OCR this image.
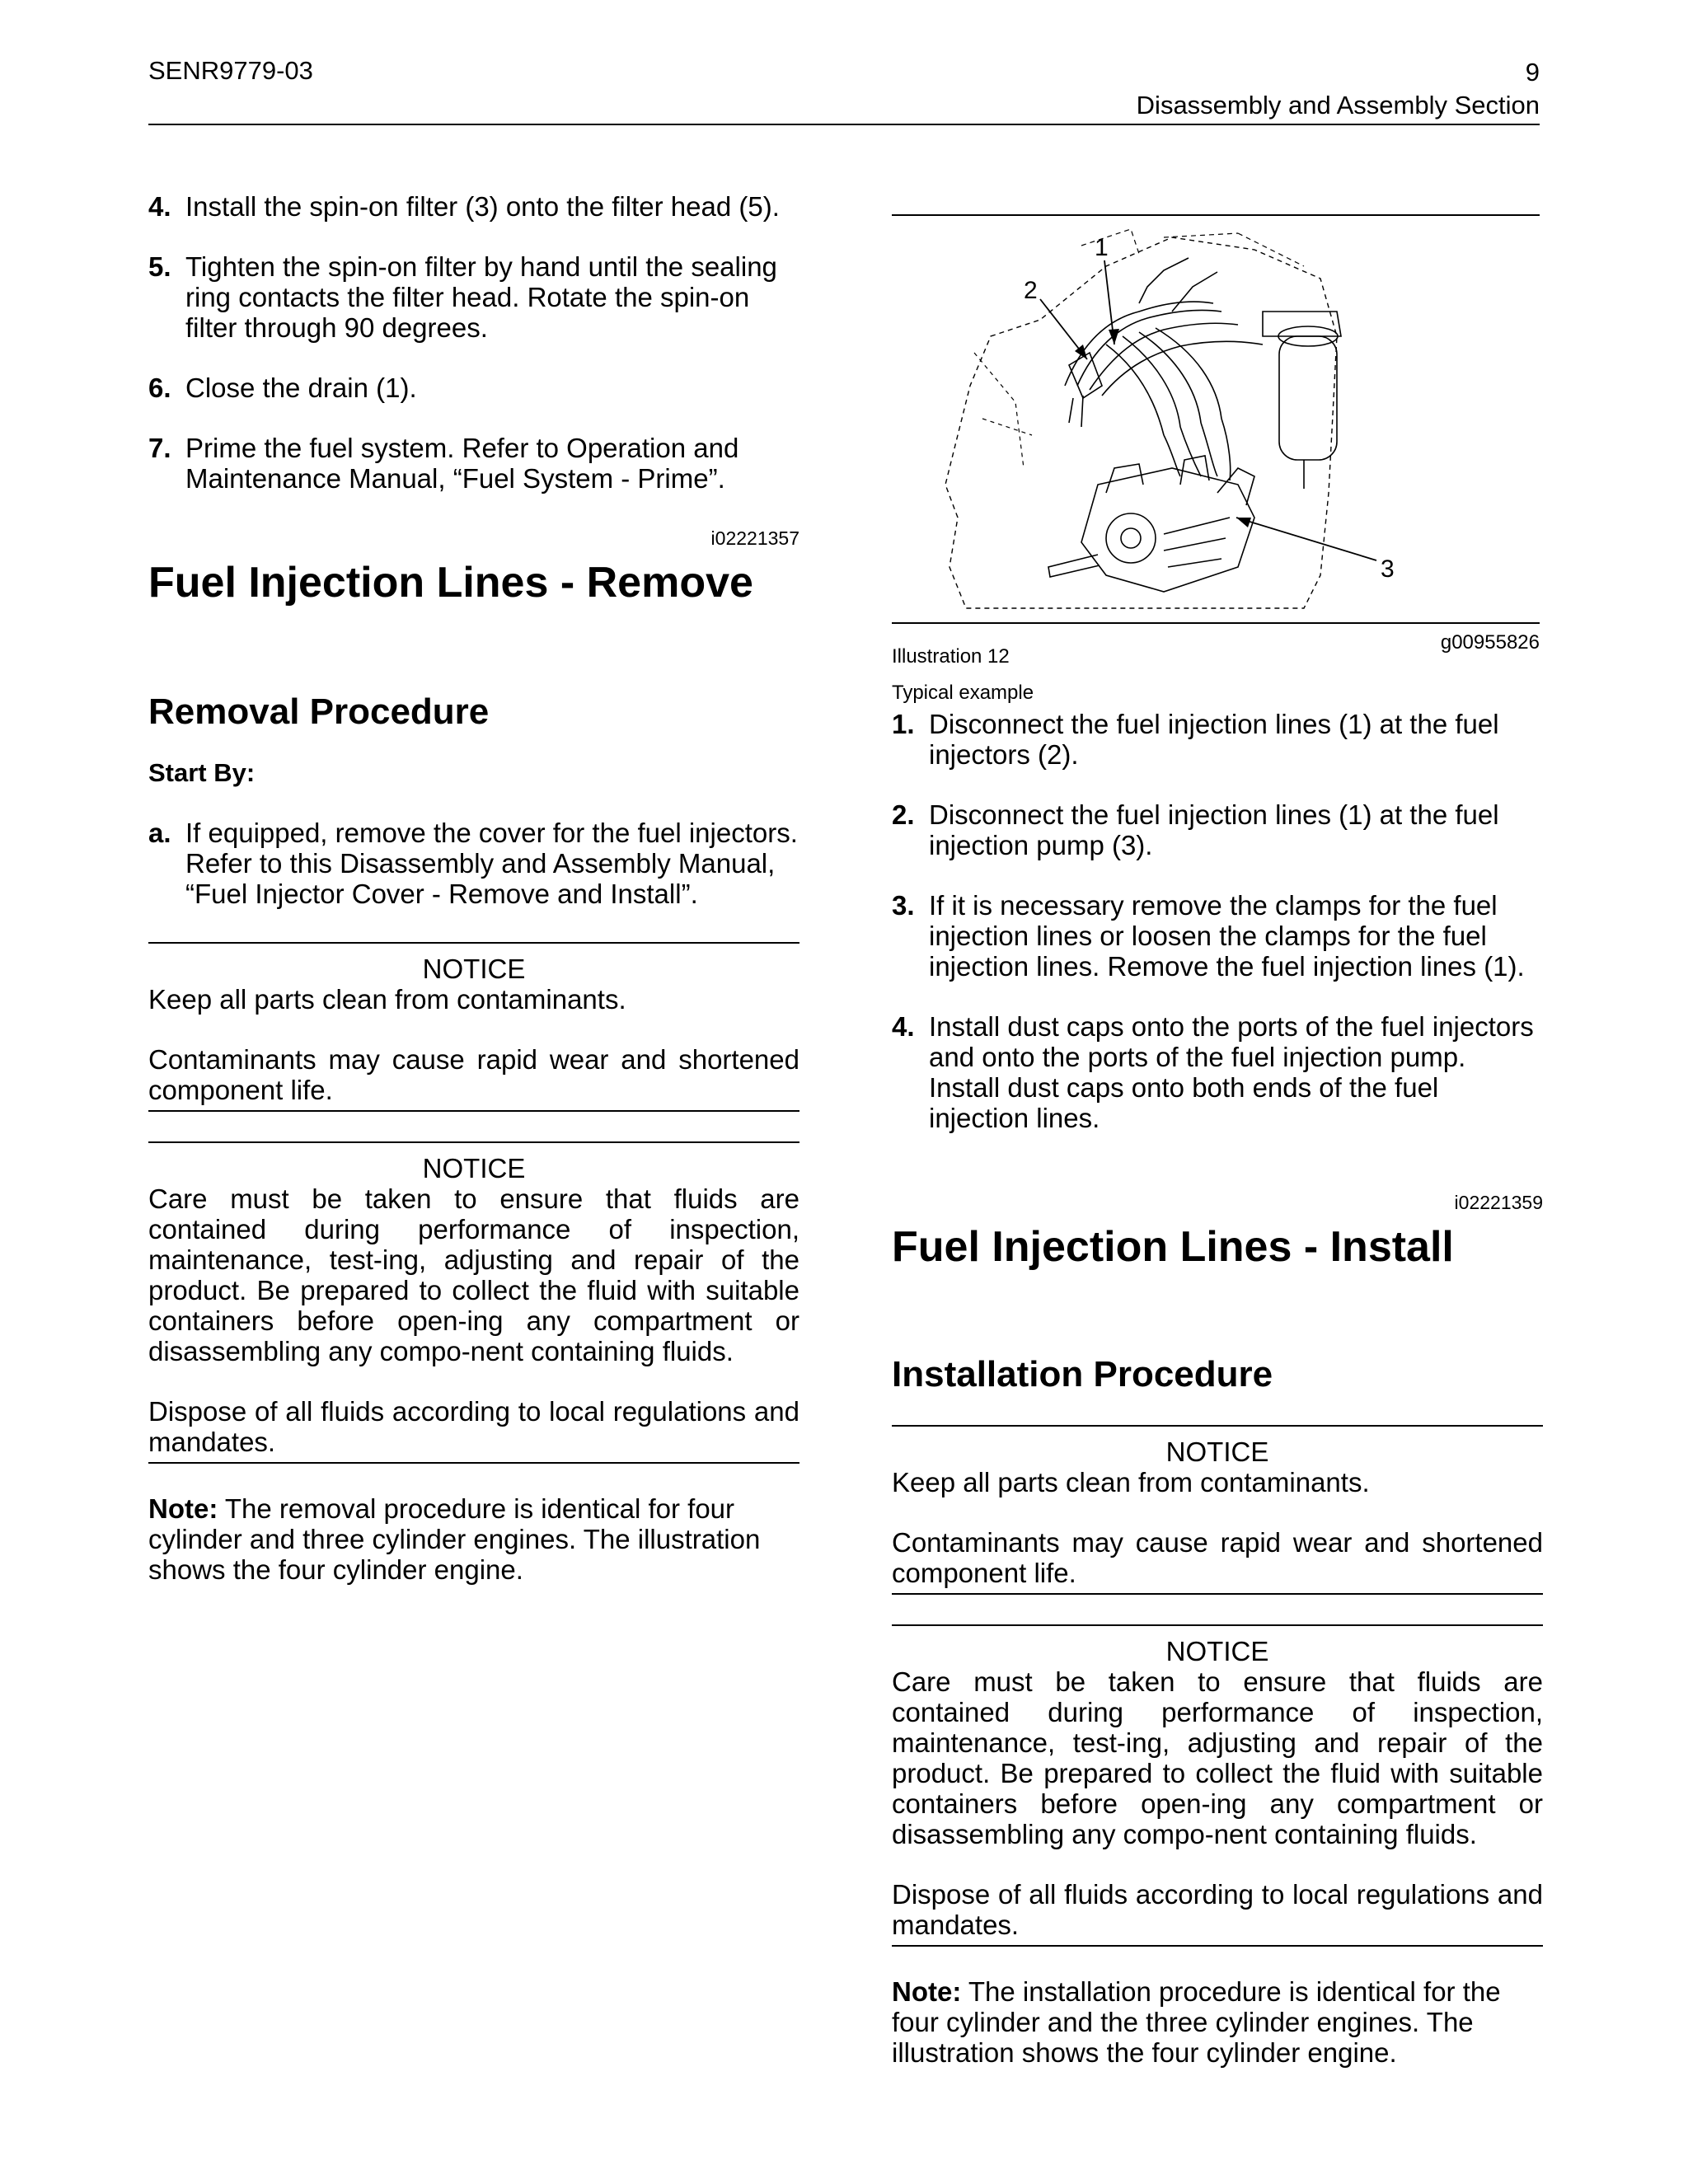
SENR9779-03	9
Disassembly and Assembly Section
4. Install the spin-on filter (3) onto the filter head (5).
5. Tighten the spin-on filter by hand until the sealing ring contacts the filter head. Rotate the spin-on filter through 90 degrees.
6. Close the drain (1).
7. Prime the fuel system. Refer to Operation and Maintenance Manual, “Fuel System - Prime”.
i02221357
Fuel Injection Lines - Remove
Removal Procedure
Start By:
a. If equipped, remove the cover for the fuel injectors. Refer to this Disassembly and Assembly Manual, “Fuel Injector Cover - Remove and Install”.
NOTICE

Keep all parts clean from contaminants.

Contaminants may cause rapid wear and shortened component life.

NOTICE

Care must be taken to ensure that fluids are contained during performance of inspection, maintenance, test-ing, adjusting and repair of the product. Be prepared to collect the fluid with suitable containers before open-ing any compartment or disassembling any compo-nent containing fluids.

Dispose of all fluids according to local regulations and mandates.

Note: The removal procedure is identical for four cylinder and three cylinder engines. The illustration shows the four cylinder engine.
1
2
3
Illustration 12
Typical example
g00955826
1. Disconnect the fuel injection lines (1) at the fuel injectors (2).
2. Disconnect the fuel injection lines (1) at the fuel injection pump (3).
3. If it is necessary remove the clamps for the fuel injection lines or loosen the clamps for the fuel injection lines. Remove the fuel injection lines (1).
4. Install dust caps onto the ports of the fuel injectors and onto the ports of the fuel injection pump. Install dust caps onto both ends of the fuel injection lines.
i02221359
Fuel Injection Lines - Install
Installation Procedure
NOTICE

Keep all parts clean from contaminants.

Contaminants may cause rapid wear and shortened component life.

NOTICE

Care must be taken to ensure that fluids are contained during performance of inspection, maintenance, test-ing, adjusting and repair of the product. Be prepared to collect the fluid with suitable containers before open-ing any compartment or disassembling any compo-nent containing fluids.

Dispose of all fluids according to local regulations and mandates.

Note: The installation procedure is identical for the four cylinder and the three cylinder engines. The illustration shows the four cylinder engine.
